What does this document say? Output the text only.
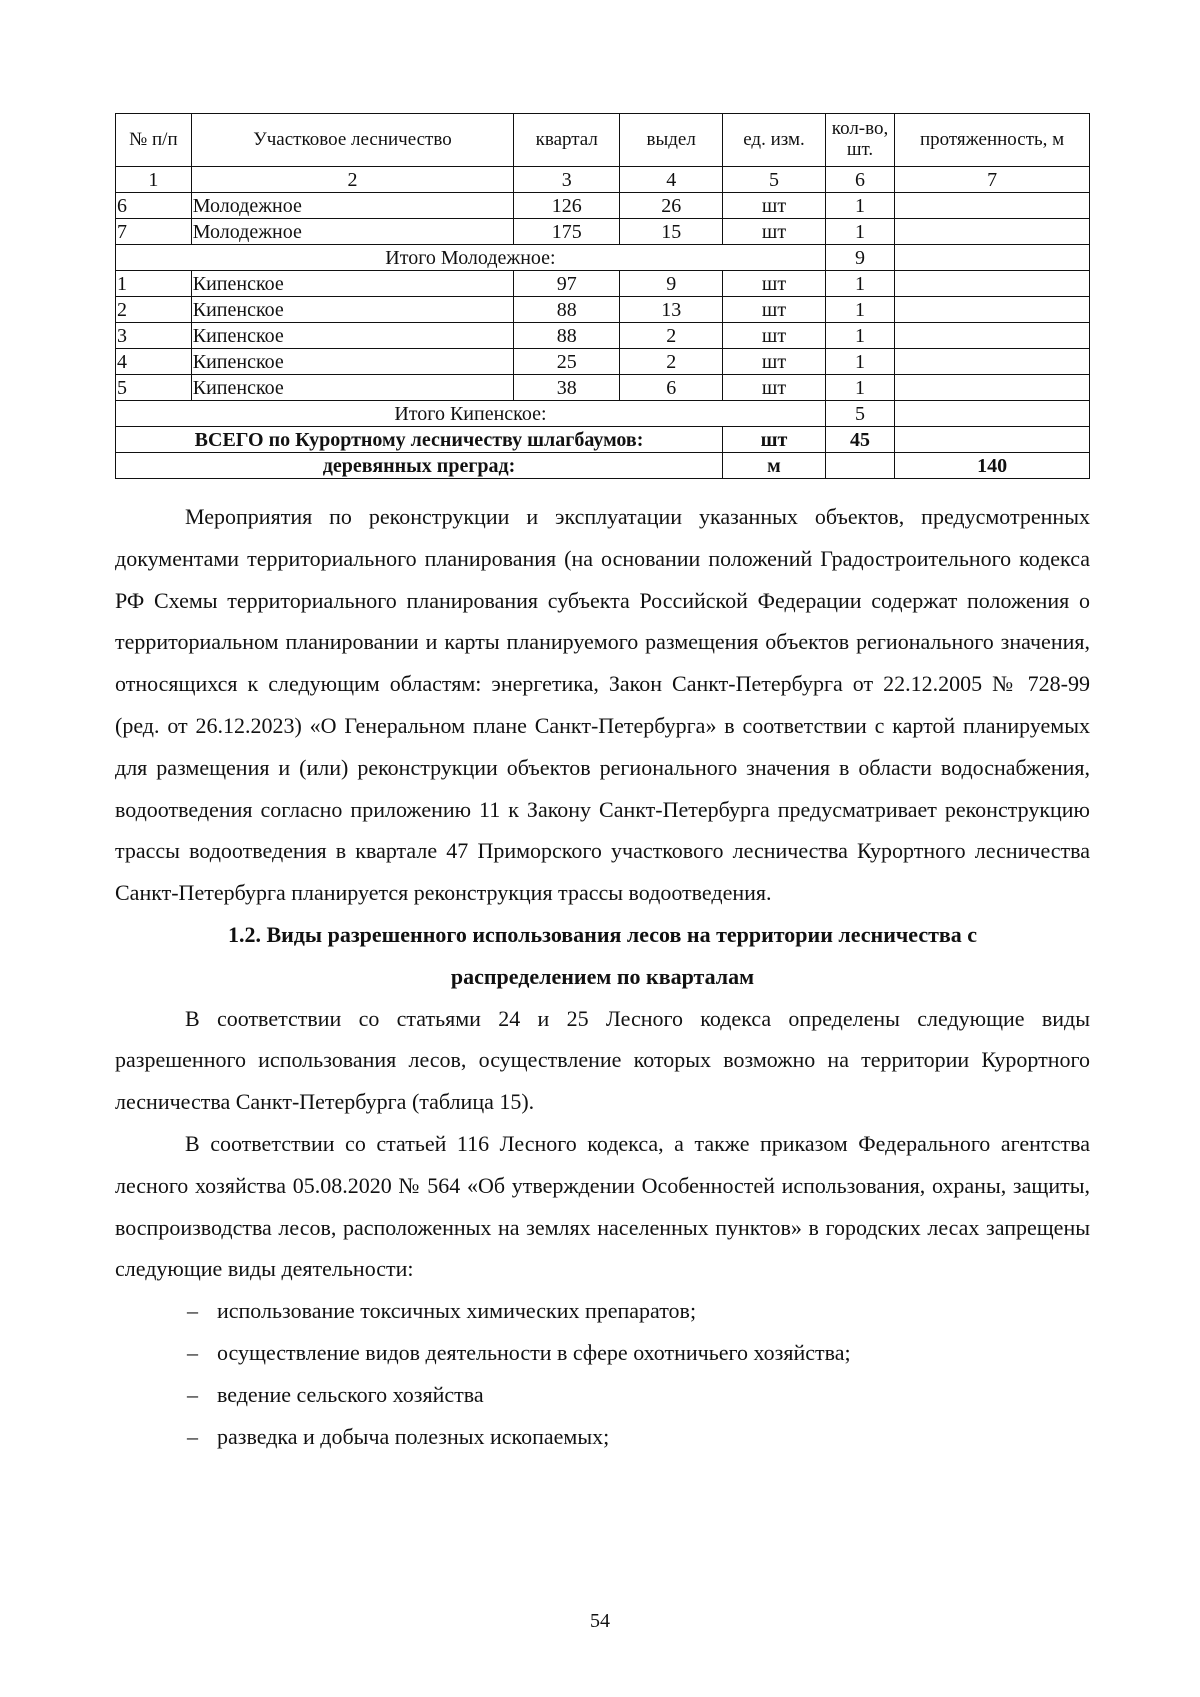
№ п/п	Участковое лесничество	квартал	выдел	ед. изм.	кол-во, шт.	протяженность, м
1	2	3	4	5	6	7
6	Молодежное	126	26	шт	1	
7	Молодежное	175	15	шт	1	
Итого Молодежное:					9	
1	Кипенское	97	9	шт	1	
2	Кипенское	88	13	шт	1	
3	Кипенское	88	2	шт	1	
4	Кипенское	25	2	шт	1	
5	Кипенское	38	6	шт	1	
Итого Кипенское:					5	
ВСЕГО по Курортному лесничеству шлагбаумов:				шт	45	
деревянных преград:				м		140

Мероприятия по реконструкции и эксплуатации указанных объектов, предусмотренных документами территориального планирования (на основании положений Градостроительного кодекса РФ Схемы территориального планирования субъекта Российской Федерации содержат положения о территориальном планировании и карты планируемого размещения объектов регионального значения, относящихся к следующим областям: энергетика, Закон Санкт-Петербурга от 22.12.2005 № 728-99 (ред. от 26.12.2023) «О Генеральном плане Санкт-Петербурга» в соответствии с картой планируемых для размещения и (или) реконструкции объектов регионального значения в области водоснабжения, водоотведения согласно приложению 11 к Закону Санкт-Петербурга предусматривает реконструкцию трассы водоотведения в квартале 47 Приморского участкового лесничества Курортного лесничества Санкт-Петербурга планируется реконструкция трассы водоотведения.

1.2. Виды разрешенного использования лесов на территории лесничества с распределением по кварталам

В соответствии со статьями 24 и 25 Лесного кодекса определены следующие виды разрешенного использования лесов, осуществление которых возможно на территории Курортного лесничества Санкт-Петербурга (таблица 15).

В соответствии со статьей 116 Лесного кодекса, а также приказом Федерального агентства лесного хозяйства 05.08.2020 № 564 «Об утверждении Особенностей использования, охраны, защиты, воспроизводства лесов, расположенных на землях населенных пунктов» в городских лесах запрещены следующие виды деятельности:

– использование токсичных химических препаратов;
– осуществление видов деятельности в сфере охотничьего хозяйства;
– ведение сельского хозяйства
– разведка и добыча полезных ископаемых;
54
